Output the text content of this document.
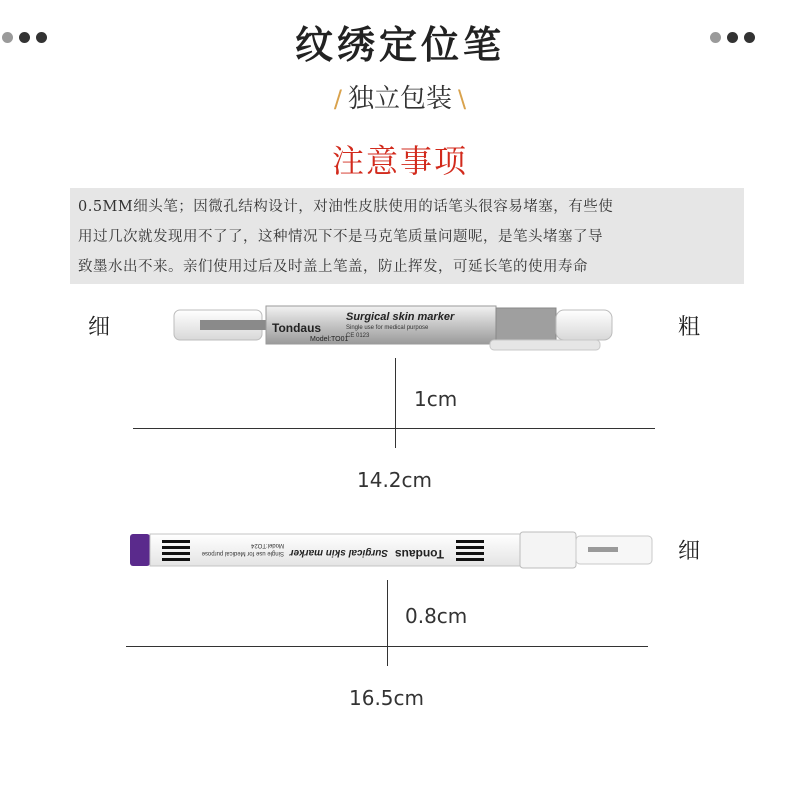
纹绣定位笔
/ 独立包装 \
注意事项
0.5MM细头笔；因微孔结构设计，对油性皮肤使用的话笔头很容易堵塞，有些使
用过几次就发现用不了了，这种情况下不是马克笔质量问题呢，是笔头堵塞了导
致墨水出不来。亲们使用过后及时盖上笔盖，防止挥发，可延长笔的使用寿命
细	粗
Tondaus
Surgical skin marker
Single use for medical purpose
Model:TO01
CE 0123
1cm
14.2cm
细
Tondaus
Surgical skin marker
Single use for Medical purpose
Model:TO24
0.8cm
16.5cm
